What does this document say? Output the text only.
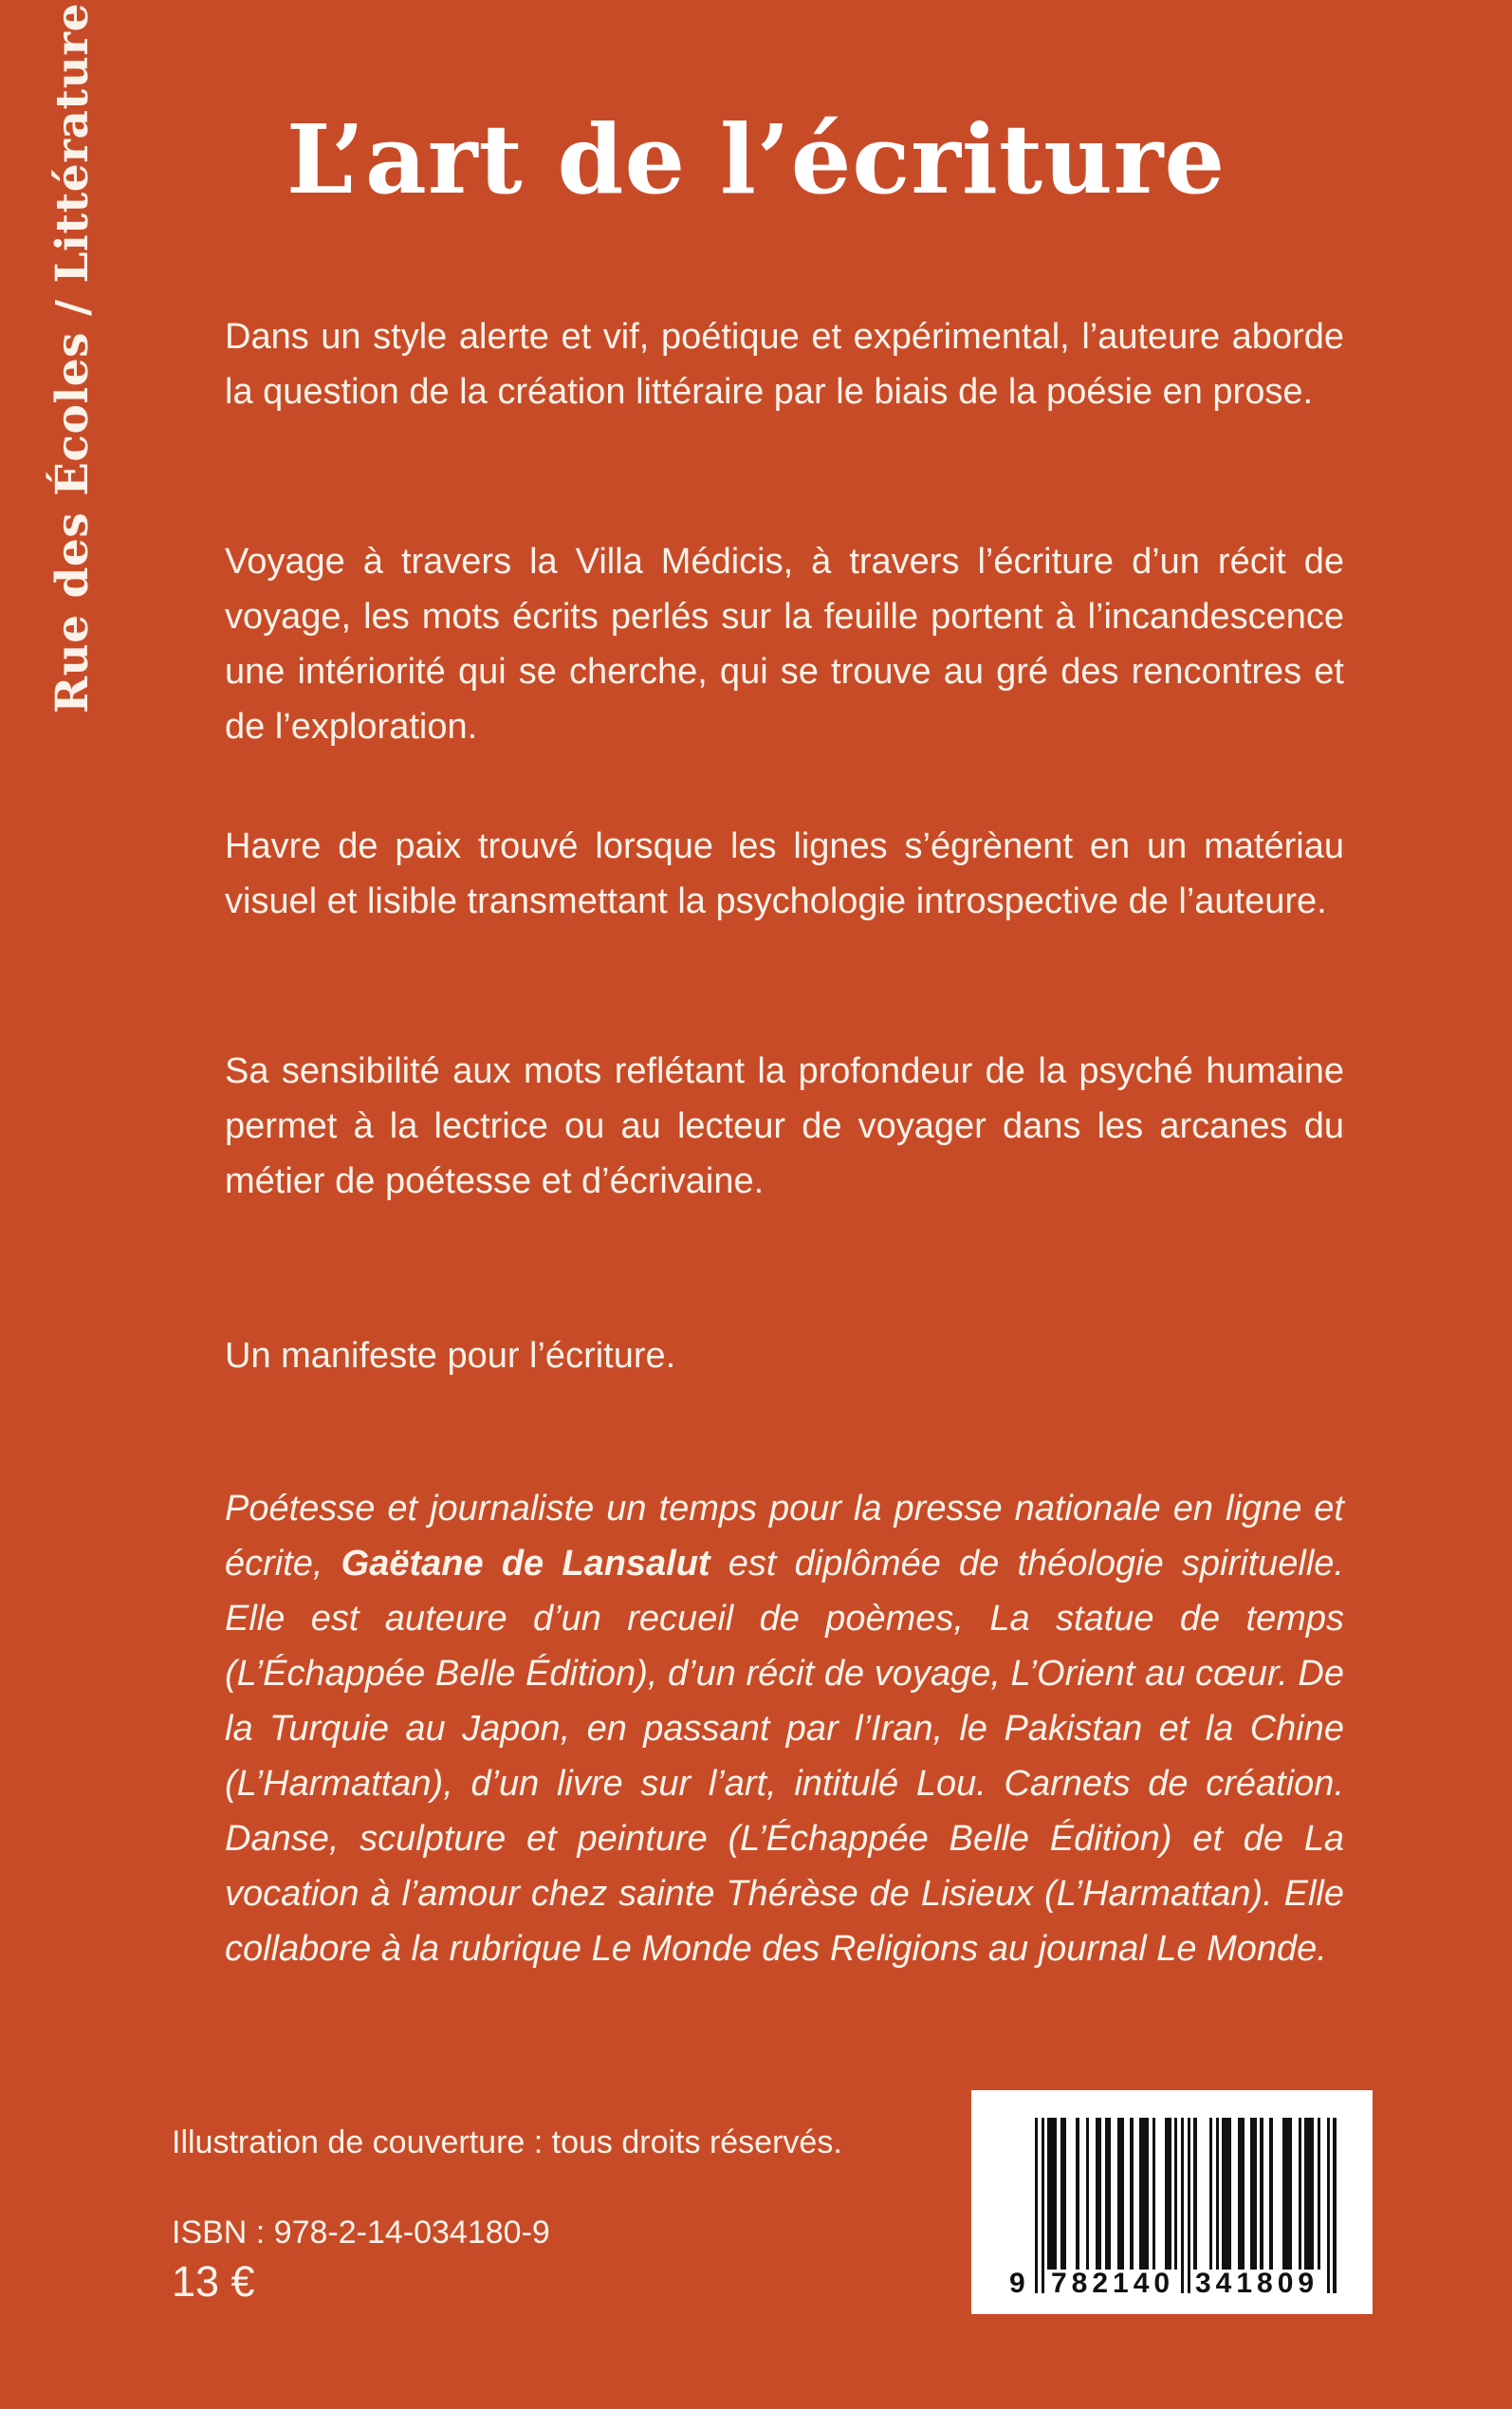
Rue des Écoles / Littérature	L’art de l’écriture

Dans un style alerte et vif, poétique et expérimental, l’auteure aborde la question de la création littéraire par le biais de la poésie en prose.

Voyage à travers la Villa Médicis, à travers l’écriture d’un récit de voyage, les mots écrits perlés sur la feuille portent à l’incandescence une intériorité qui se cherche, qui se trouve au gré des rencontres et de l’exploration.

Havre de paix trouvé lorsque les lignes s’égrènent en un matériau visuel et lisible transmettant la psychologie introspective de l’auteure.

Sa sensibilité aux mots reflétant la profondeur de la psyché humaine permet à la lectrice ou au lecteur de voyager dans les arcanes du métier de poétesse et d’écrivaine.

Un manifeste pour l’écriture.

Poétesse et journaliste un temps pour la presse nationale en ligne et écrite, Gaëtane de Lansalut est diplômée de théologie spirituelle. Elle est auteure d’un recueil de poèmes, La statue de temps (L’Échappée Belle Édition), d’un récit de voyage, L’Orient au cœur. De la Turquie au Japon, en passant par l’Iran, le Pakistan et la Chine (L’Harmattan), d’un livre sur l’art, intitulé Lou. Carnets de création. Danse, sculpture et peinture (L’Échappée Belle Édition) et de La vocation à l’amour chez sainte Thérèse de Lisieux (L’Harmattan). Elle collabore à la rubrique Le Monde des Religions au journal Le Monde.

Illustration de couverture : tous droits réservés.
ISBN : 978-2-14-034180-9
13 €	9 782140 341809
